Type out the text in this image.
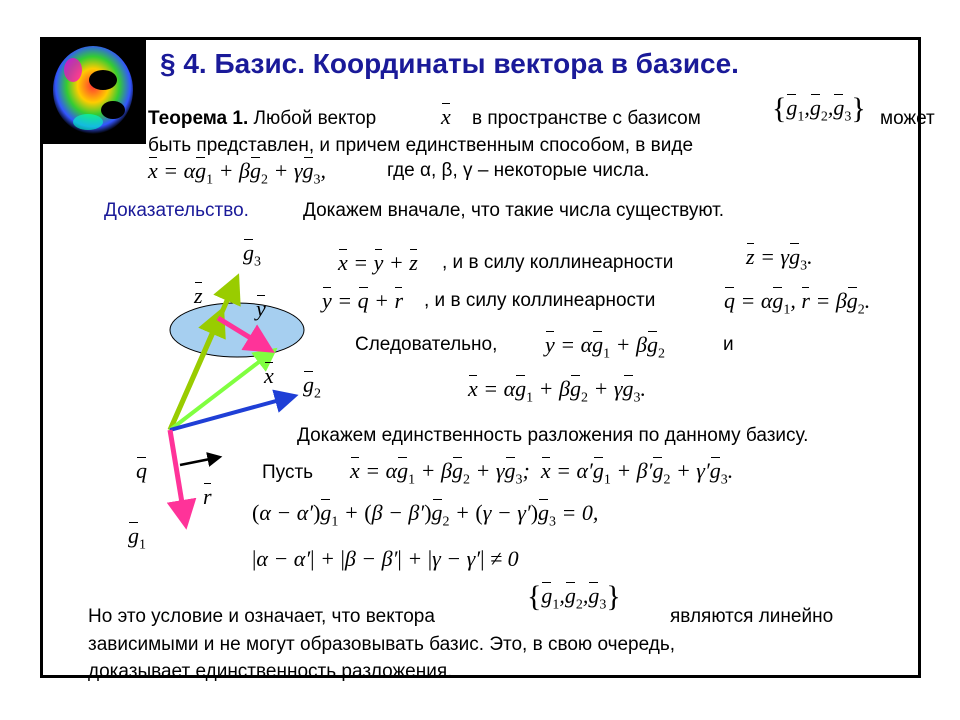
§ 4. Базис. Координаты вектора в базисе.
Теорема 1. Любой вектор	x в пространстве с базисом $\{g_1,g_2,g_3\}$ может
быть представлен, и причем единственным способом, в виде
$x = \alpha g_1 + \beta g_2 + \gamma g_3$,	где α, β, γ – некоторые числа.
Доказательство.	Докажем вначале, что такие числа существуют.
$g_3$
z
y
x $g_2$
q
r
$g_1$
x = y + z , и в силу коллинеарности	$z = \gamma g_3$.
y = q + r , и в силу коллинеарности	$q = \alpha g_1$, $r = \beta g_2$.
Следовательно, $y = \alpha g_1 + \beta g_2$	и
$x = \alpha g_1 + \beta g_2 + \gamma g_3$.
Докажем единственность разложения по данному базису.
Пусть $x = \alpha g_1 + \beta g_2 + \gamma g_3$;  $x = \alpha'g_1 + \beta'g_2 + \gamma'g_3$.
$(\alpha - \alpha')g_1 + (\beta - \beta')g_2 + (\gamma - \gamma')g_3 = 0$,
|α − α′| + |β − β′| + |γ − γ′| ≠ 0
Но это условие и означает, что вектора
$\{g_1,g_2,g_3\}$
являются линейно
зависимыми и не могут образовывать базис. Это, в свою очередь,
доказывает единственность разложения.
